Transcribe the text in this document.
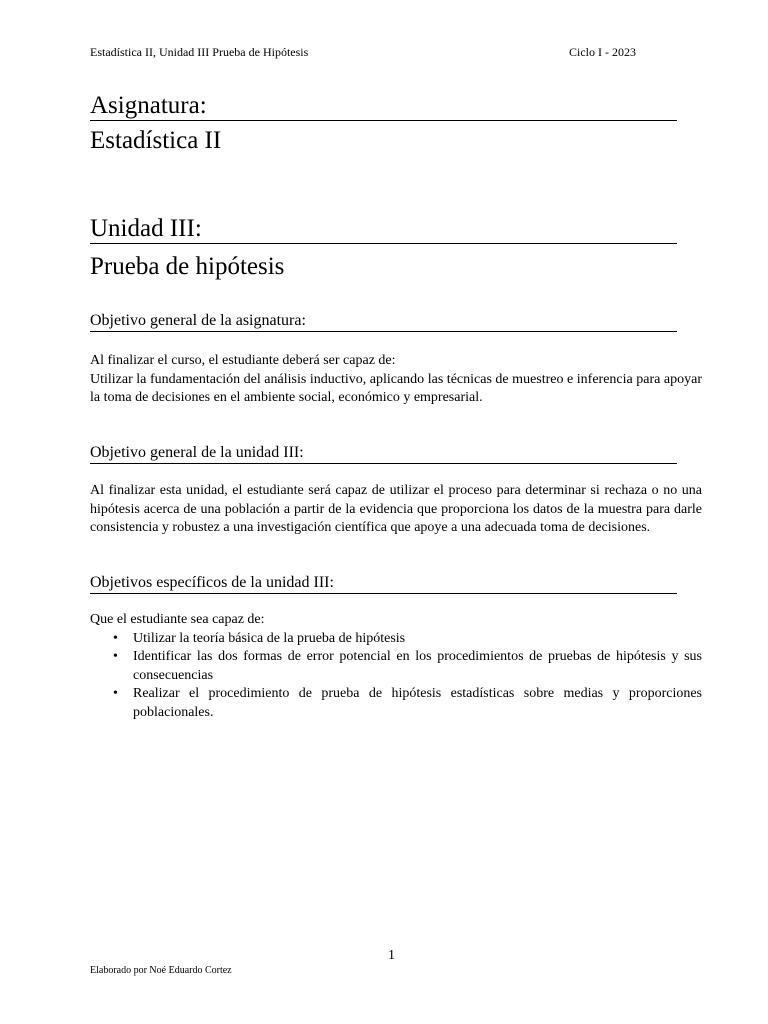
Estadística II, Unidad III Prueba de Hipótesis	Ciclo I - 2023
Asignatura:
Estadística II
Unidad III:
Prueba de hipótesis
Objetivo general de la asignatura:

Al finalizar el curso, el estudiante deberá ser capaz de:

Utilizar la fundamentación del análisis inductivo, aplicando las técnicas de muestreo e inferencia para apoyar la toma de decisiones en el ambiente social, económico y empresarial.

Objetivo general de la unidad III:
Al finalizar esta unidad, el estudiante será capaz de utilizar el proceso para determinar si rechaza o no una hipótesis acerca de una población a partir de la evidencia que proporciona los datos de la muestra para darle consistencia y robustez a una investigación científica que apoye a una adecuada toma de decisiones.
Objetivos específicos de la unidad III:

Que el estudiante sea capaz de:

• Utilizar la teoría básica de la prueba de hipótesis
• Identificar las dos formas de error potencial en los procedimientos de pruebas de hipótesis y sus consecuencias
• Realizar el procedimiento de prueba de hipótesis estadísticas sobre medias y proporciones poblacionales.
1
Elaborado por Noé Eduardo Cortez
